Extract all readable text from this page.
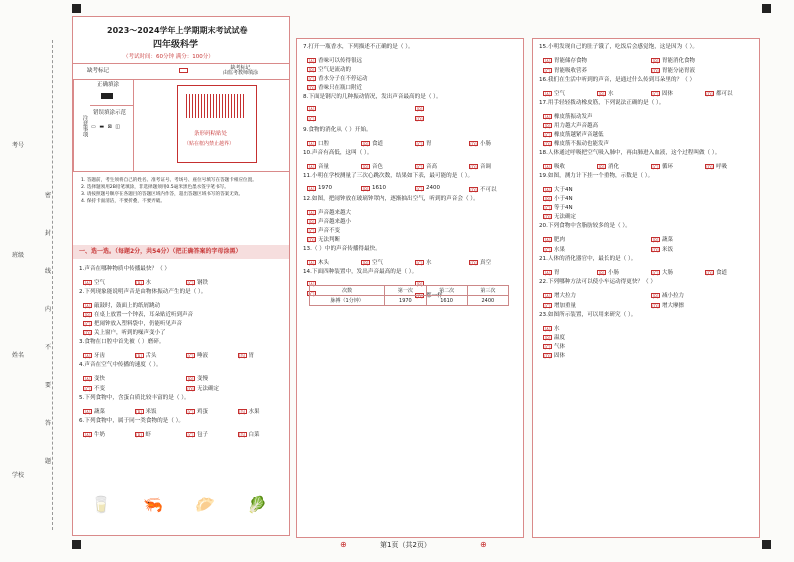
考号
班级
姓名
学校
密
封
线
内
不
要
答
题
2023～2024学年上学期期末考试试卷
四年级科学
（考试时间：60分钟 满分：100分）
缺考标记	缺考标记
由监考教师填涂
注意事项
正确填涂
错误填涂示范
▭ ▬ ⊠ ◫
条形码粘贴处
（贴在框内禁止越界）
1. 答题前，考生须将自己的姓名、准考证号、考场号、座位号填写在答题卡相应位置。
2. 选择题须用2B铅笔填涂，非选择题须用0.5毫米黑色墨水签字笔书写。
3. 请按照题号顺序在各题目的答题区域内作答，超出答题区域书写的答案无效。
4. 保持卡面清洁，不要折叠，不要弄破。
一、选一选。（每题2分，共54分）（把正确答案的字母涂黑）
1.声音在哪种物质中传播最快？（ ）
[A] 空气	[B] 水	[C] 钢铁
2.下列现象能说明声音是由物体振动产生的是（ ）。
[A] 敲鼓时，鼓面上的纸屑跳动
[B] 在桌上放置一个钟表，耳朵贴近听到声音
[C] 把闹钟放入塑料袋中，仍能听见声音
[D] 关上窗户，听到的噪声变小了
3.食物在口腔中首先被（ ）磨碎。
[A] 牙齿	[B] 舌头	[C] 唾液	[D] 胃
4.声音在空气中传播的速度（ ）。
[A] 变快	[B] 变慢
[C] 不变	[D] 无法确定
5.下列食物中，含蛋白质比较丰富的是（ ）。
[A] 蔬菜	[B] 米饭	[C] 鸡蛋	[D] 水果
6.下列食物中，属于同一类食物的是（ ）。
[A] 牛奶	[B] 虾	[C] 包子	[D] 白菜
🥛 🦐 🥟 🥬
7.打开一瓶香水，下列描述不正确的是（ ）。
[A] 香味可以传得很远
[B] 空气是流动的
[C] 香水分子在不停运动
[D] 香味只在瓶口附近
8.下面是钢尺的几种振动情况，发出声音最高的是（ ）。
[A]	[B]
[C]	[D]
9.食物的消化从（ ）开始。
[A] 口腔	[B] 食道	[C] 胃	[D] 小肠
10.声音有高低，这叫（ ）。
[A] 音量	[B] 音色	[C] 音高	[D] 音调
11.小明在学校测量了三次心跳次数，结果如下表，最可能的是（ ）。
[A] 1970	[B] 1610	[C] 2400	[D] 不可以
12.如图，把闹钟放在玻璃钟罩内，逐渐抽出空气，听到的声音会（ ）。
[A] 声音越来越大
[B] 声音越来越小
[C] 声音不变
[D] 无法判断
13.（ ）中的声音传播得最快。
[A] 木头	[B] 空气	[C] 水	[D] 真空
14.下面四种装置中，发出声音最高的是（ ）。
[A]	[B]
[C]	[D] 都一样
次数	第一次	第二次	第三次
脉搏（1分钟）	1970	1610	2400
15.小明发现自己的肚子饿了，吃饭后会感觉饱，这是因为（ ）。
[A] 胃能储存食物	[B] 胃能消化食物
[C] 胃能吸收营养	[D] 胃能分泌胃液
16.我们在生活中听到的声音，是通过什么传到耳朵里的？（ ）
[A] 空气	[B] 水	[C] 固体	[D] 都可以
17.用手轻轻拨动橡皮筋，下列说法正确的是（ ）。
[A] 橡皮筋振动发声
[B] 用力越大声音越高
[C] 橡皮筋越紧声音越低
[D] 橡皮筋不振动也能发声
18.人体通过呼吸把空气吸入肺中，再由肺进入血液，这个过程叫做（ ）。
[A] 吸收	[B] 消化	[C] 循环	[D] 呼吸
19.如图，测力计下挂一个重物，示数是（ ）。
[A] 大于4N
[B] 小于4N
[C] 等于4N
[D] 无法确定
20.下列食物中含脂肪较多的是（ ）。
[A] 肥肉	[B] 蔬菜
[C] 水果	[D] 米饭
21.人体的消化器官中，最长的是（ ）。
[A] 胃	[B] 小肠	[C] 大肠	[D] 食道
22.下列哪种方法可以使小车运动得更快？（ ）
[A] 增大拉力	[B] 减小拉力
[C] 增加重量	[D] 增大摩擦
23.如图所示装置，可以用来研究（ ）。
[A] 水
[B] 温度
[C] 气体
[D] 固体
第1页（共2页）
⊕	⊕
